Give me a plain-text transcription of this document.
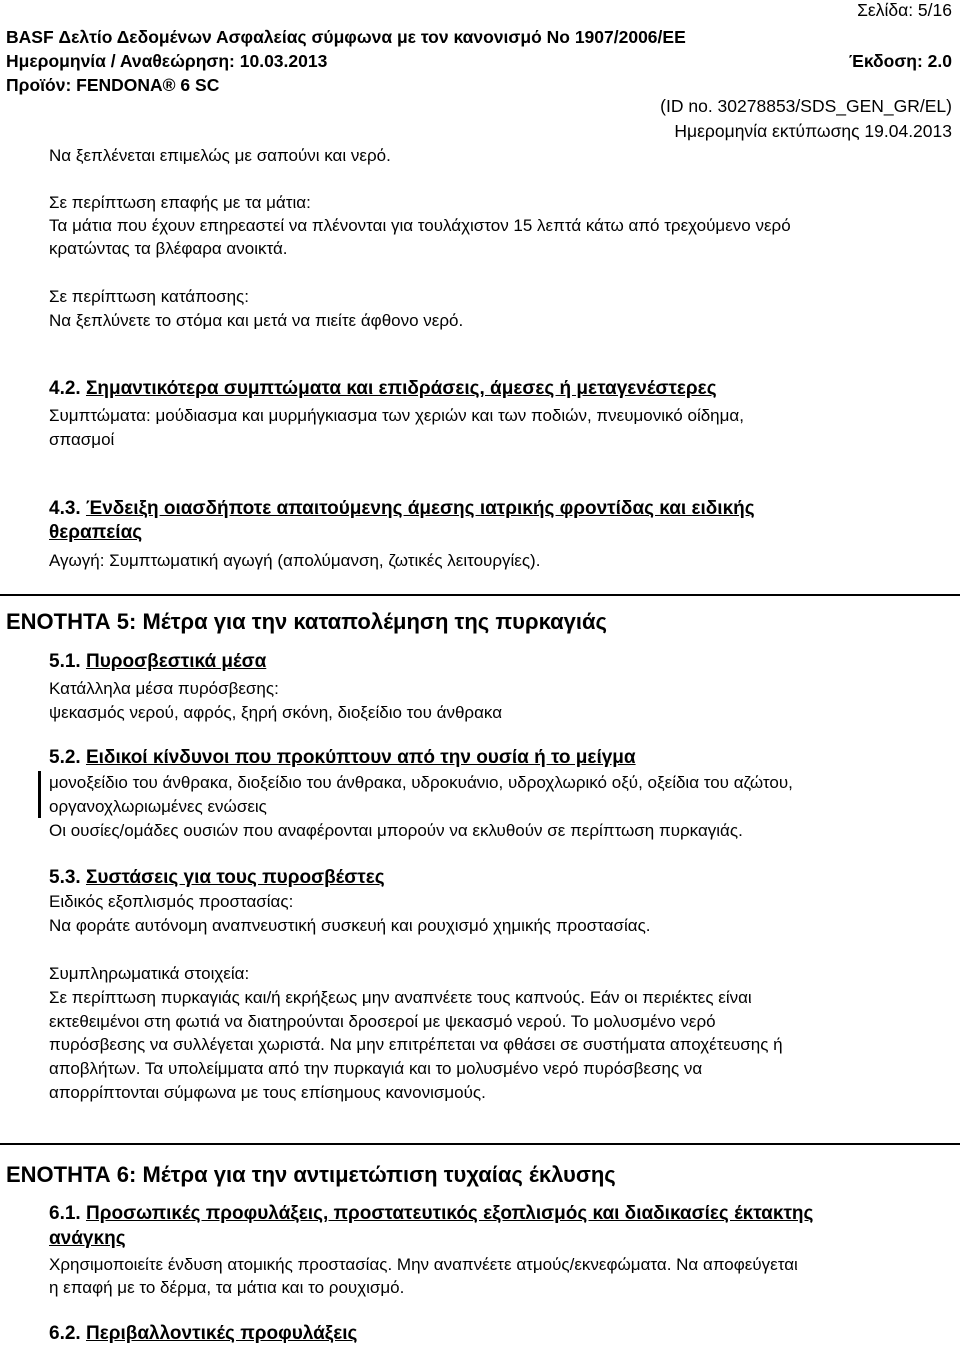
Σελίδα: 5/16
BASF Δελτίο Δεδομένων Ασφαλείας σύμφωνα με τον κανονισμό Νο 1907/2006/ΕΕ
Ημερομηνία / Αναθεώρηση: 10.03.2013	Έκδοση: 2.0
Προϊόν: FENDONA® 6 SC
(ID no. 30278853/SDS_GEN_GR/EL)
Ημερομηνία εκτύπωσης 19.04.2013
Να ξεπλένεται επιμελώς με σαπούνι και νερό.
Σε περίπτωση επαφής με τα μάτια:
Τα μάτια που έχουν επηρεαστεί να πλένονται για τουλάχιστον 15 λεπτά κάτω από τρεχούμενο νερό
κρατώντας τα βλέφαρα ανοικτά.
Σε περίπτωση κατάποσης:
Να ξεπλύνετε το στόμα και μετά να πιείτε άφθονο νερό.
4.2. Σημαντικότερα συμπτώματα και επιδράσεις, άμεσες ή μεταγενέστερες
Συμπτώματα: μούδιασμα και μυρμήγκιασμα των χεριών και των ποδιών, πνευμονικό οίδημα,
σπασμοί
4.3. Ένδειξη οιασδήποτε απαιτούμενης άμεσης ιατρικής φροντίδας και ειδικής
θεραπείας
Αγωγή: Συμπτωματική αγωγή (απολύμανση, ζωτικές λειτουργίες).
ΕΝΟΤΗΤΑ 5: Μέτρα για την καταπολέμηση της πυρκαγιάς
5.1. Πυροσβεστικά μέσα
Κατάλληλα μέσα πυρόσβεσης:
ψεκασμός νερού, αφρός, ξηρή σκόνη, διοξείδιο του άνθρακα
5.2. Ειδικοί κίνδυνοι που προκύπτουν από την ουσία ή το μείγμα
μονοξείδιο του άνθρακα, διοξείδιο του άνθρακα, υδροκυάνιο, υδροχλωρικό οξύ, οξείδια του αζώτου,
οργανοχλωριωμένες ενώσεις
Οι ουσίες/ομάδες ουσιών που αναφέρονται μπορούν να εκλυθούν σε περίπτωση πυρκαγιάς.
5.3. Συστάσεις για τους πυροσβέστες
Ειδικός εξοπλισμός προστασίας:
Να φοράτε αυτόνομη αναπνευστική συσκευή και ρουχισμό χημικής προστασίας.
Συμπληρωματικά στοιχεία:
Σε περίπτωση πυρκαγιάς και/ή εκρήξεως μην αναπνέετε τους καπνούς. Εάν οι περιέκτες είναι
εκτεθειμένοι στη φωτιά να διατηρούνται δροσεροί με ψεκασμό νερού. Το μολυσμένο νερό
πυρόσβεσης να συλλέγεται χωριστά. Να μην επιτρέπεται να φθάσει σε συστήματα αποχέτευσης ή
αποβλήτων. Τα υπολείμματα από την πυρκαγιά και το μολυσμένο νερό πυρόσβεσης να
απορρίπτονται σύμφωνα με τους επίσημους κανονισμούς.
ΕΝΟΤΗΤΑ 6: Μέτρα για την αντιμετώπιση τυχαίας έκλυσης
6.1. Προσωπικές προφυλάξεις, προστατευτικός εξοπλισμός και διαδικασίες έκτακτης
ανάγκης
Χρησιμοποιείτε ένδυση ατομικής προστασίας. Μην αναπνέετε ατμούς/εκνεφώματα. Να αποφεύγεται
η επαφή με το δέρμα, τα μάτια και το ρουχισμό.
6.2. Περιβαλλοντικές προφυλάξεις
